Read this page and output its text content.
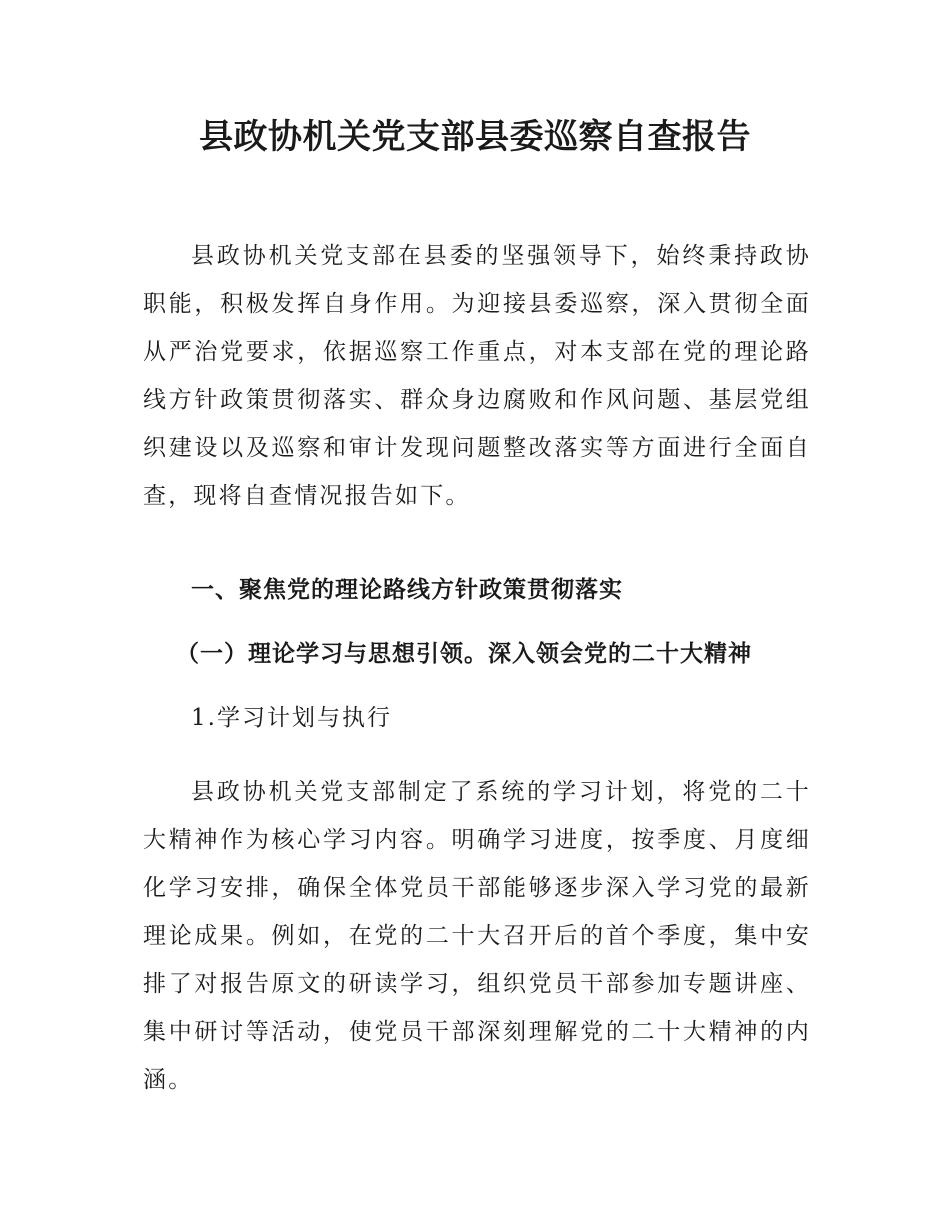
县政协机关党支部县委巡察自查报告

县政协机关党支部在县委的坚强领导下，始终秉持政协职能，积极发挥自身作用。为迎接县委巡察，深入贯彻全面从严治党要求，依据巡察工作重点，对本支部在党的理论路线方针政策贯彻落实、群众身边腐败和作风问题、基层党组织建设以及巡察和审计发现问题整改落实等方面进行全面自查，现将自查情况报告如下。

一、聚焦党的理论路线方针政策贯彻落实
（一）理论学习与思想引领。深入领会党的二十大精神
1.学习计划与执行

县政协机关党支部制定了系统的学习计划，将党的二十大精神作为核心学习内容。明确学习进度，按季度、月度细化学习安排，确保全体党员干部能够逐步深入学习党的最新理论成果。例如，在党的二十大召开后的首个季度，集中安排了对报告原文的研读学习，组织党员干部参加专题讲座、集中研讨等活动，使党员干部深刻理解党的二十大精神的内涵。
